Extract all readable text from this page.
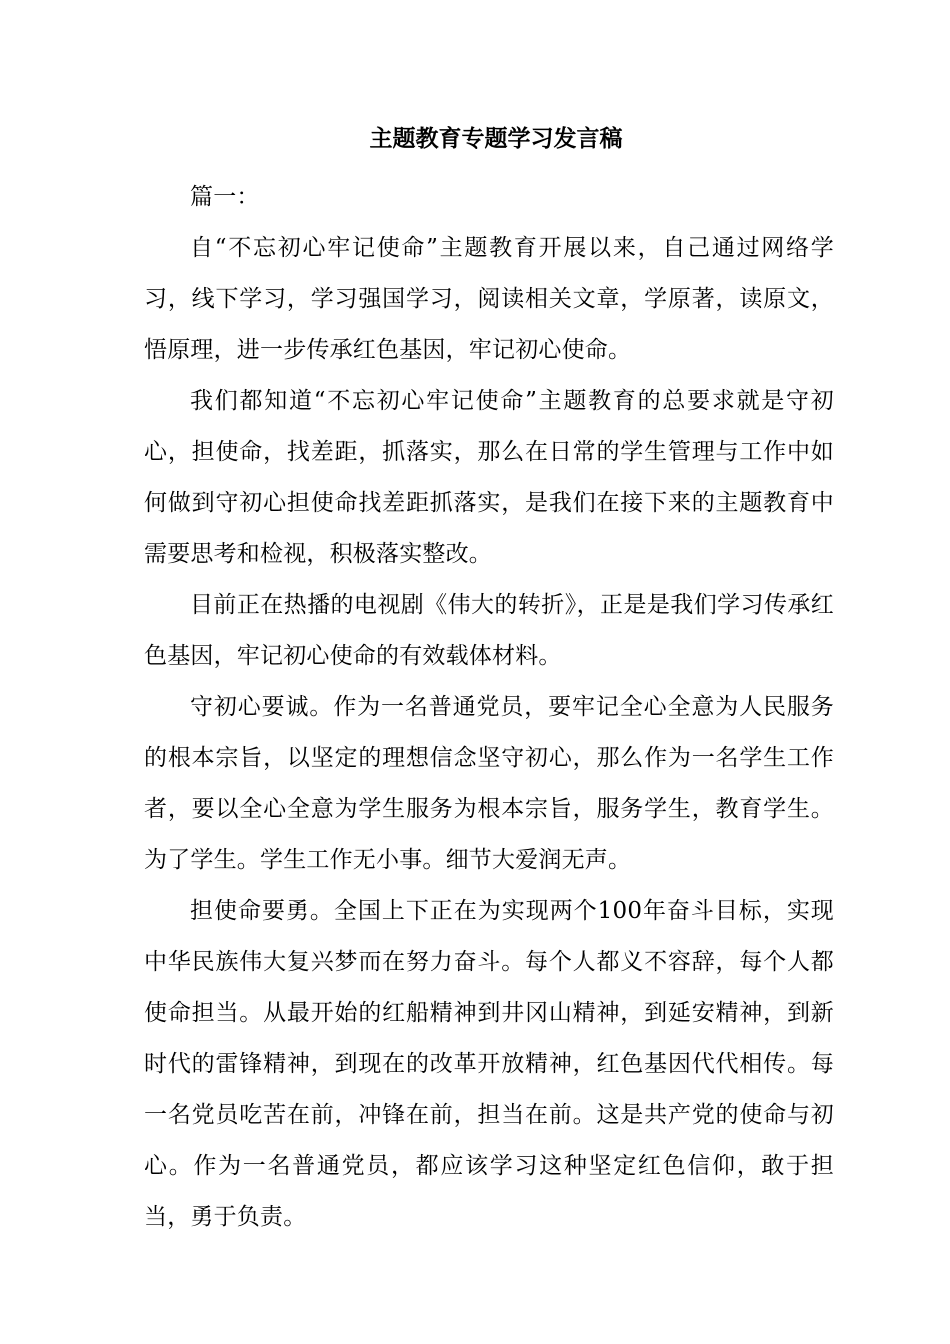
主题教育专题学习发言稿

篇一：

自“不忘初心牢记使命”主题教育开展以来，自己通过网络学习，线下学习，学习强国学习，阅读相关文章，学原著，读原文，悟原理，进一步传承红色基因，牢记初心使命。

我们都知道“不忘初心牢记使命”主题教育的总要求就是守初心，担使命，找差距，抓落实，那么在日常的学生管理与工作中如何做到守初心担使命找差距抓落实，是我们在接下来的主题教育中需要思考和检视，积极落实整改。

目前正在热播的电视剧《伟大的转折》，正是是我们学习传承红色基因，牢记初心使命的有效载体材料。

守初心要诚。作为一名普通党员，要牢记全心全意为人民服务的根本宗旨，以坚定的理想信念坚守初心，那么作为一名学生工作者，要以全心全意为学生服务为根本宗旨，服务学生，教育学生。为了学生。学生工作无小事。细节大爱润无声。

担使命要勇。全国上下正在为实现两个100年奋斗目标，实现中华民族伟大复兴梦而在努力奋斗。每个人都义不容辞，每个人都使命担当。从最开始的红船精神到井冈山精神，到延安精神，到新时代的雷锋精神，到现在的改革开放精神，红色基因代代相传。每一名党员吃苦在前，冲锋在前，担当在前。这是共产党的使命与初心。作为一名普通党员，都应该学习这种坚定红色信仰，敢于担当，勇于负责。
